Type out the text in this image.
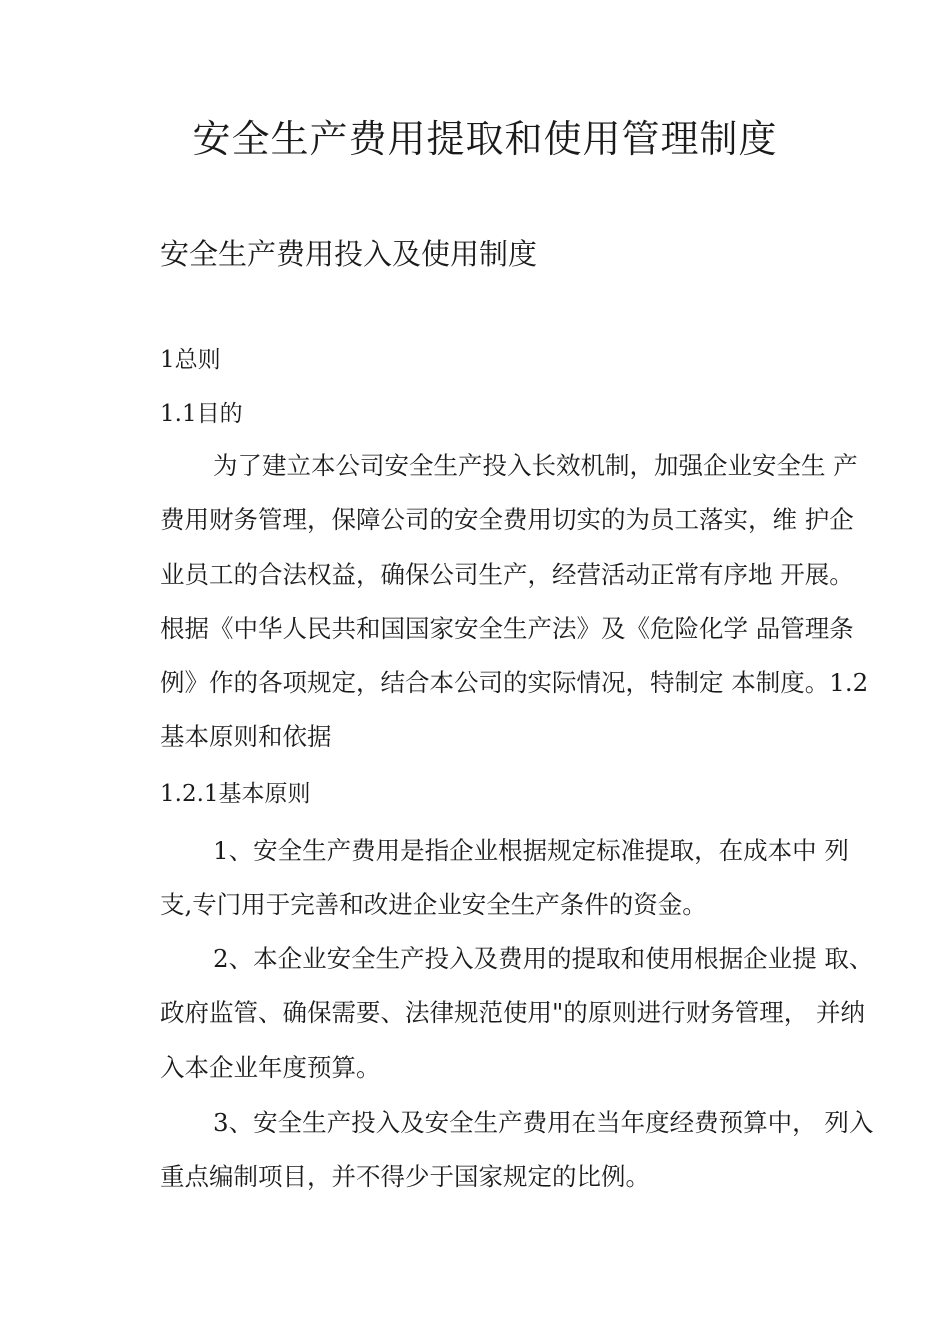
安全生产费用提取和使用管理制度
安全生产费用投入及使用制度

1总则

1.1目的

为了建立本公司安全生产投入长效机制，加强企业安全生 产
费用财务管理，保障公司的安全费用切实的为员工落实，维 护企
业员工的合法权益，确保公司生产，经营活动正常有序地 开展。
根据《中华人民共和国国家安全生产法》及《危险化学 品管理条
例》作的各项规定，结合本公司的实际情况，特制定 本制度。1.2
基本原则和依据

1.2.1基本原则

1、安全生产费用是指企业根据规定标准提取，在成本中 列
支,专门用于完善和改进企业安全生产条件的资金。
2、本企业安全生产投入及费用的提取和使用根据企业提 取、
政府监管、确保需要、法律规范使用"的原则进行财务管理， 并纳
入本企业年度预算。
3、安全生产投入及安全生产费用在当年度经费预算中， 列入
重点编制项目，并不得少于国家规定的比例。
